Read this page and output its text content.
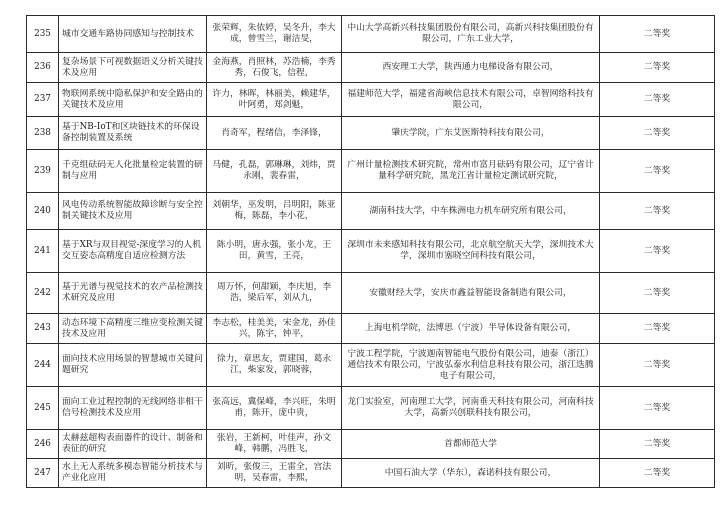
235	城市交通车路协同感知与控制技术	张荣辉，朱依婷，吴冬升，李大成，曾雪兰，谢洁旻，	中山大学高新兴科技集团股份有限公司，高新兴科技集团股份有限公司，广东工业大学，	二等奖
236	复杂场景下可视数据语义分析关键技术及应用	金海燕，肖照林，苏浩楠，李秀秀，石俊飞，信程，	西安理工大学，陕西通力电梯设备有限公司，	二等奖
237	物联网系统中隐私保护和安全路由的关键技术及应用	许力，林晖，林丽美，赖建华，叶阿勇，郑剑魁，	福建师范大学，福建省海峡信息技术有限公司，卓智网络科技有限公司，	二等奖
238	基于NB-IoT和区块链技术的环保设备控制装置及系统	肖奇军，程绪信，李泽锋，	肇庆学院，广东艾医斯特科技有限公司，	二等奖
239	千克组砝码无人化批量检定装置的研制与应用	马健，孔磊，郭琳琳，刘炜，贾永刚，裴春雷，	广州计量检测技术研究院，常州市富月砝码有限公司，辽宁省计量科学研究院，黑龙江省计量检定测试研究院，	二等奖
240	风电传动系统智能故障诊断与安全控制关键技术及应用	刘朝华，巫发明，吕明阳，陈亚梅，陈磊，李小花，	湖南科技大学，中车株洲电力机车研究所有限公司，	二等奖
241	基于XR与双目视觉-深度学习的人机交互姿态高精度自适应检测方法	陈小明，唐永强，张小龙，王田，黄雪，王亮，	深圳市未来感知科技有限公司，北京航空航天大学，深圳技术大学，深圳市塞晓空间科技有限公司，	二等奖
242	基于光谱与视觉技术的农产品检测技术研究及应用	周万怀，何甜颖，李庆旭，李浩，梁后军，刘从九，	安徽财经大学，安庆市鑫益智能设备制造有限公司，	二等奖
243	动态环境下高精度三维应变检测关键技术及应用	李志松，桂美美，宋金龙，孙佳兴，陈宇，钟平，	上海电机学院，法博思（宁波）半导体设备有限公司，	二等奖
244	面向技术应用场景的智慧城市关键问题研究	徐力，章思友，贾建国，葛永江，柴家发，郭晓蓉，	宁波工程学院，宁波迦南智能电气股份有限公司，迪泰（浙江）通信技术有限公司，宁波弘泰水利信息科技有限公司，浙江迭腾电子有限公司，	二等奖
245	面向工业过程控制的无线网络非相干信号检测技术及应用	张高远，冀保峰，李兴旺，朱明甫，陈开，庞中贵，	龙门实验室，河南理工大学，河南垂天科技有限公司，河南科技大学，高新兴创联科技有限公司，	二等奖
246	太赫兹超构表面器件的设计、制备和表征的研究	张岩，王新柯，叶佳声，孙文峰，韩鹏，冯胜飞，	首都师范大学	二等奖
247	水上无人系统多模态智能分析技术与产业化应用	刘昕，张俊三，王雷全，宫法明，吴春雷，李熙，	中国石油大学（华东），森诺科技有限公司，	二等奖
